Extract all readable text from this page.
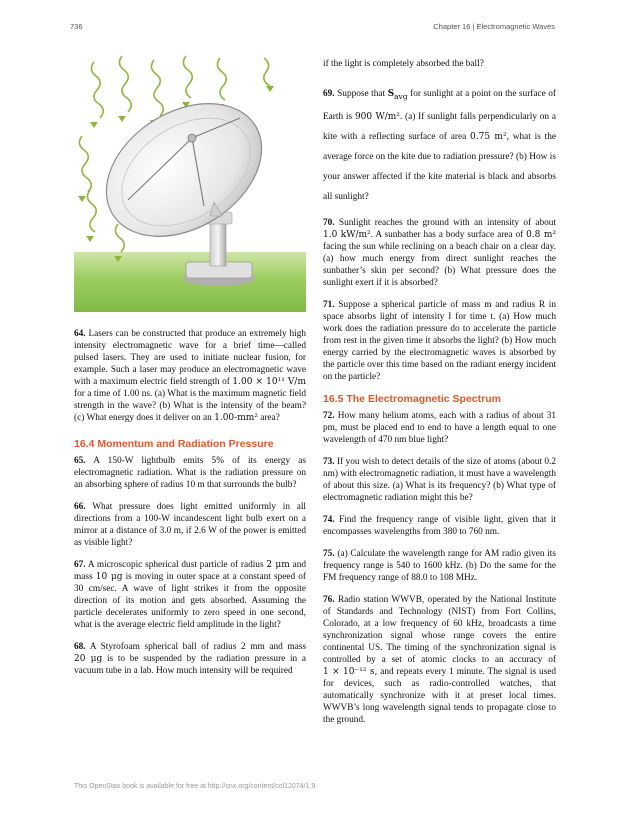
736	Chapter 16 | Electromagnetic Waves

64. Lasers can be constructed that produce an extremely high intensity electromagnetic wave for a brief time—called pulsed lasers. They are used to initiate nuclear fusion, for example. Such a laser may produce an electromagnetic wave with a maximum electric field strength of 1.00 × 10¹¹ V/m for a time of 1.00 ns. (a) What is the maximum magnetic field strength in the wave? (b) What is the intensity of the beam? (c) What energy does it deliver on an 1.00-mm² area?

16.4 Momentum and Radiation Pressure

65. A 150-W lightbulb emits 5% of its energy as electromagnetic radiation. What is the radiation pressure on an absorbing sphere of radius 10 m that surrounds the bulb?

66. What pressure does light emitted uniformly in all directions from a 100-W incandescent light bulb exert on a mirror at a distance of 3.0 m, if 2.6 W of the power is emitted as visible light?

67. A microscopic spherical dust particle of radius 2 μm and mass 10 μg is moving in outer space at a constant speed of 30 cm/sec. A wave of light strikes it from the opposite direction of its motion and gets absorbed. Assuming the particle decelerates uniformly to zero speed in one second, what is the average electric field amplitude in the light?

68. A Styrofoam spherical ball of radius 2 mm and mass 20 μg is to be suspended by the radiation pressure in a vacuum tube in a lab. How much intensity will be required

if the light is completely absorbed the ball?

69. Suppose that $S_{avg}$ for sunlight at a point on the surface of Earth is 900 W/m². (a) If sunlight falls perpendicularly on a kite with a reflecting surface of area 0.75 m², what is the average force on the kite due to radiation pressure? (b) How is your answer affected if the kite material is black and absorbs all sunlight?

70. Sunlight reaches the ground with an intensity of about 1.0 kW/m². A sunbather has a body surface area of 0.8 m² facing the sun while reclining on a beach chair on a clear day. (a) how much energy from direct sunlight reaches the sunbather’s skin per second? (b) What pressure does the sunlight exert if it is absorbed?

71. Suppose a spherical particle of mass m and radius R in space absorbs light of intensity I for time t. (a) How much work does the radiation pressure do to accelerate the particle from rest in the given time it absorbs the light? (b) How much energy carried by the electromagnetic waves is absorbed by the particle over this time based on the radiant energy incident on the particle?

16.5 The Electromagnetic Spectrum

72. How many helium atoms, each with a radius of about 31 pm, must be placed end to end to have a length equal to one wavelength of 470 nm blue light?

73. If you wish to detect details of the size of atoms (about 0.2 nm) with electromagnetic radiation, it must have a wavelength of about this size. (a) What is its frequency? (b) What type of electromagnetic radiation might this be?

74. Find the frequency range of visible light, given that it encompasses wavelengths from 380 to 760 nm.

75. (a) Calculate the wavelength range for AM radio given its frequency range is 540 to 1600 kHz. (b) Do the same for the FM frequency range of 88.0 to 108 MHz.

76. Radio station WWVB, operated by the National Institute of Standards and Technology (NIST) from Fort Collins, Colorado, at a low frequency of 60 kHz, broadcasts a time synchronization signal whose range covers the entire continental US. The timing of the synchronization signal is controlled by a set of atomic clocks to an accuracy of 1 × 10⁻¹² s, and repeats every 1 minute. The signal is used for devices, such as radio-controlled watches, that automatically synchronize with it at preset local times. WWVB’s long wavelength signal tends to propagate close to the ground.

This OpenStax book is available for free at http://cnx.org/content/col12074/1.9
